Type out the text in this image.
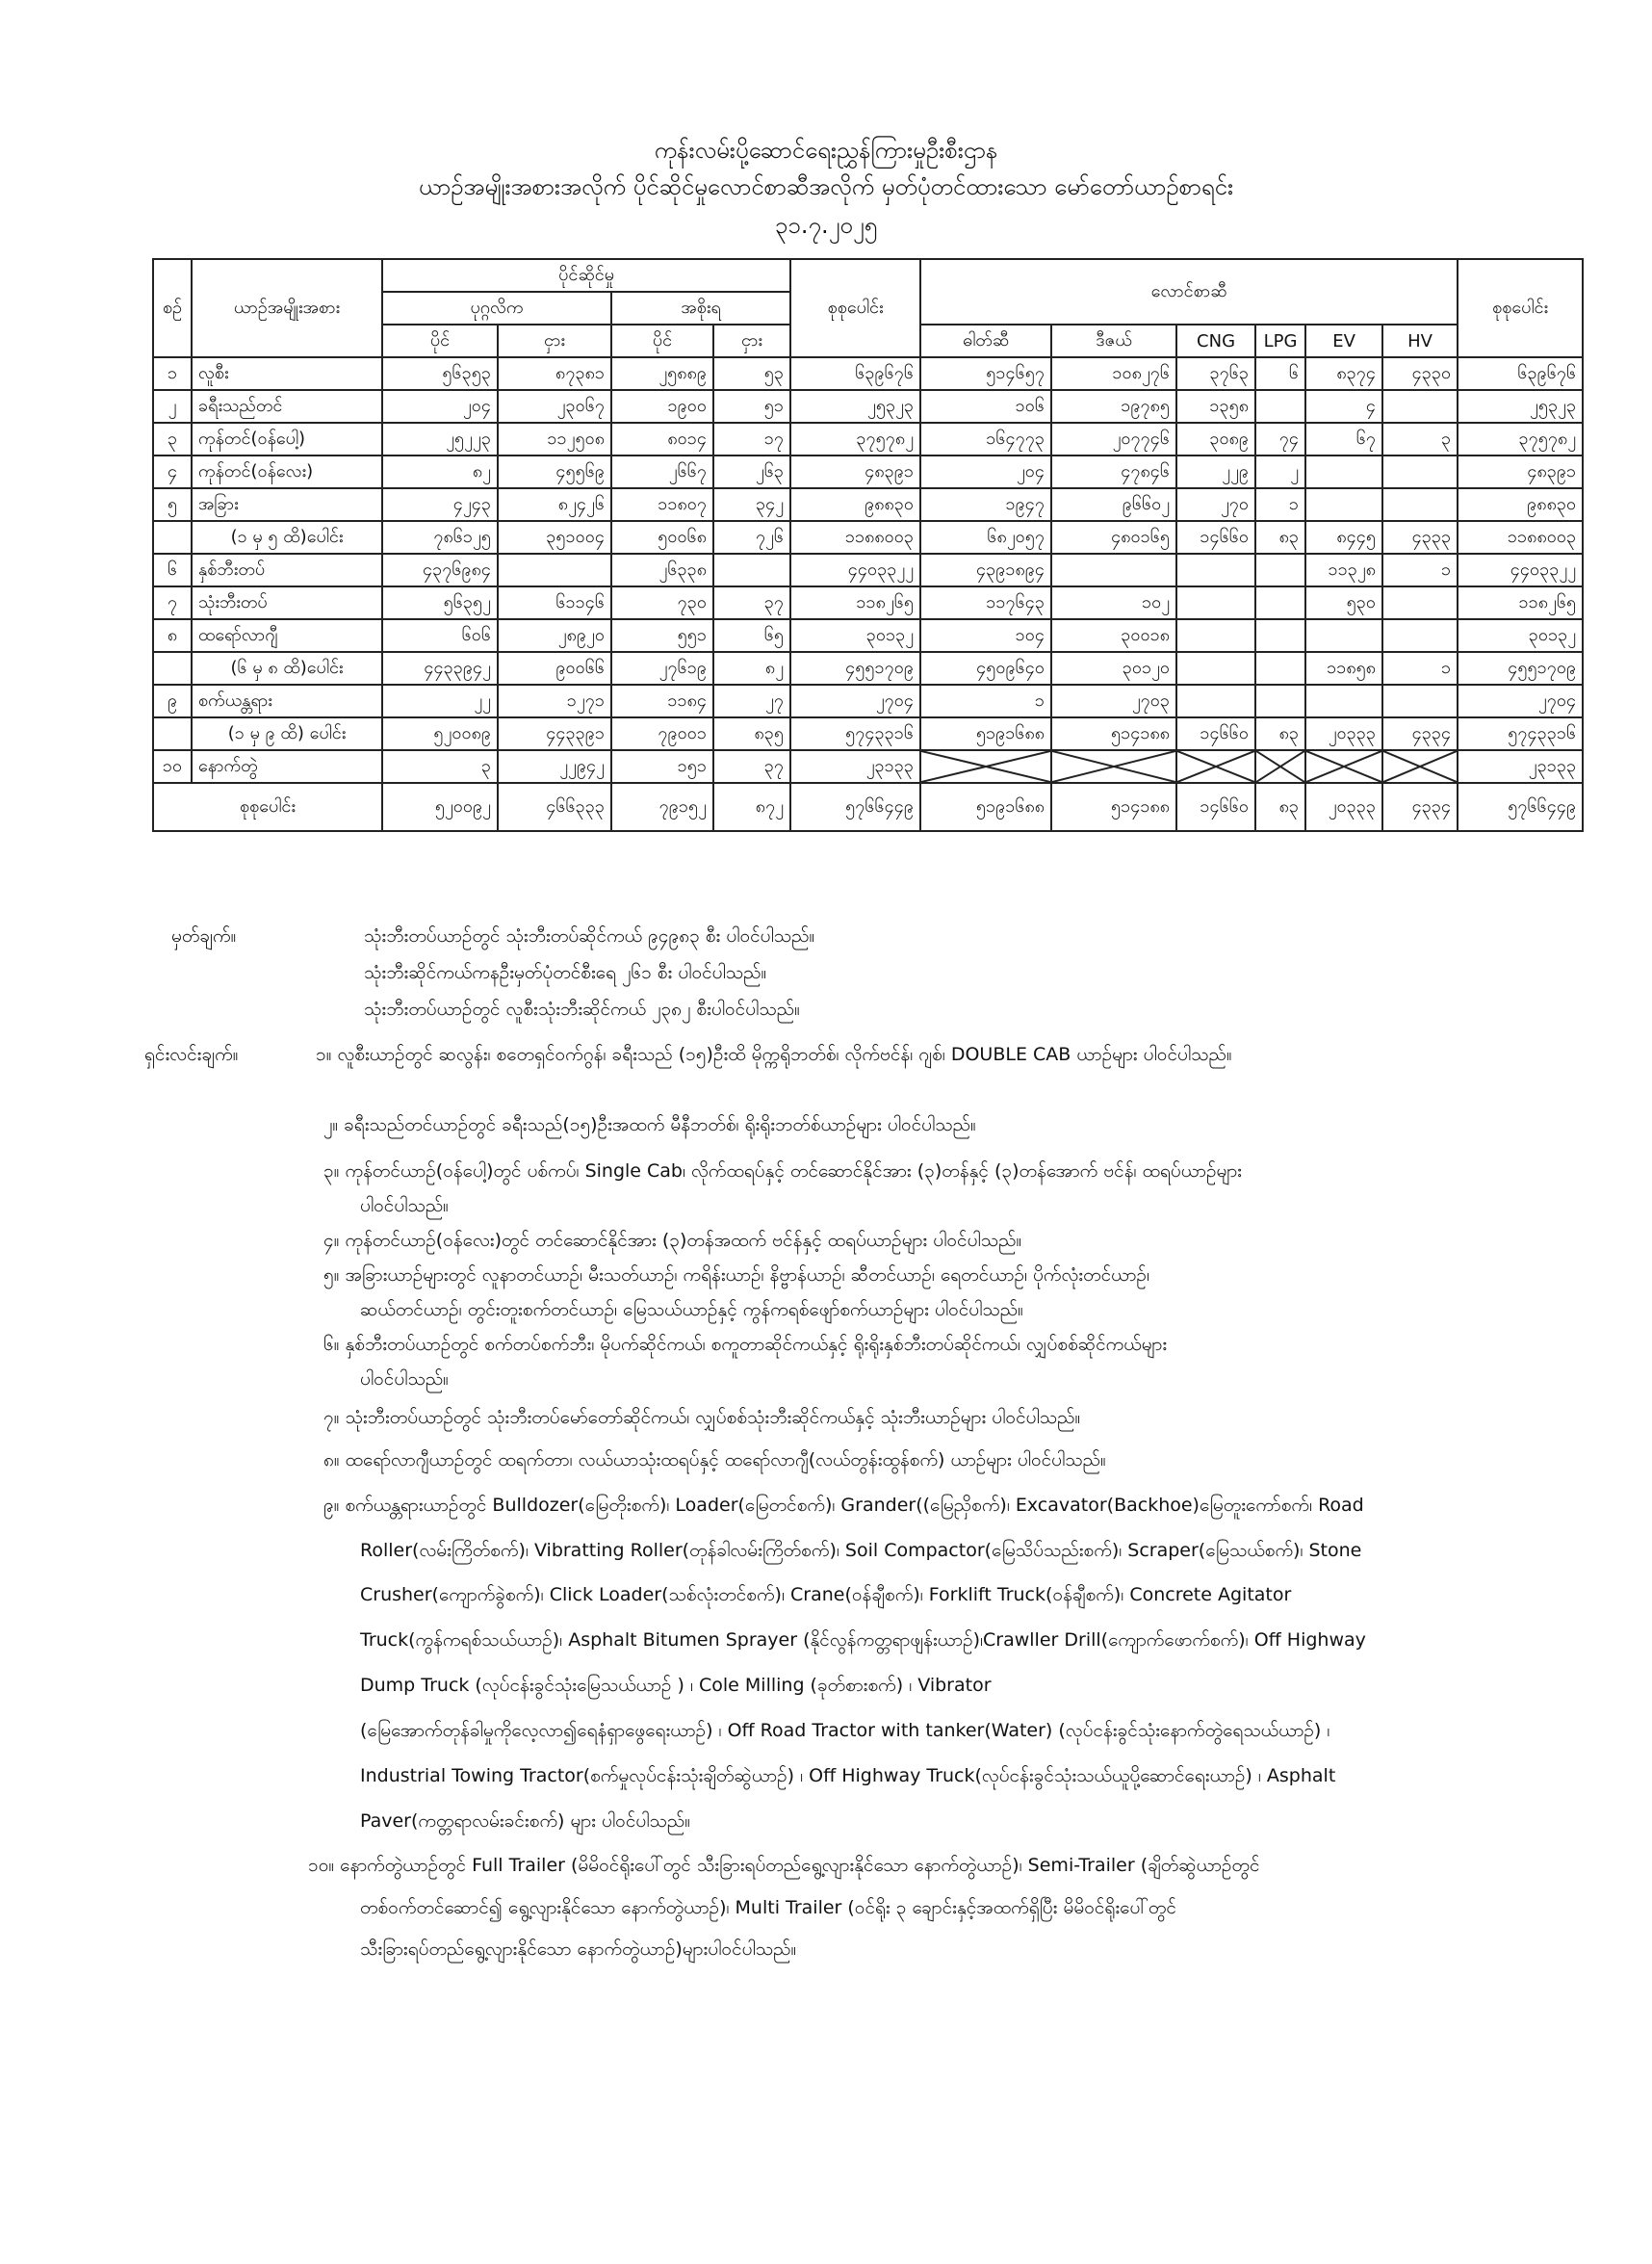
ကုန်းလမ်းပို့ဆောင်ရေးညွှန်ကြားမှုဦးစီးဌာန
ယာဉ်အမျိုးအစားအလိုက် ပိုင်ဆိုင်မှုလောင်စာဆီအလိုက် မှတ်ပုံတင်ထားသော မော်တော်ယာဉ်စာရင်း
၃၁.၇.၂၀၂၅
စဉ်	ယာဉ်အမျိုးအစား	ပိုင်ဆိုင်မှု				စုစုပေါင်း	လောင်စာဆီ						စုစုပေါင်း
		ပုဂ္ဂလိက		အစိုးရ									
		ပိုင်	ငှား	ပိုင်	ငှား		ဓါတ်ဆီ	ဒီဇယ်	CNG	LPG	EV	HV	
၁	လူစီး	၅၆၃၅၃	၈၇၃၈၁	၂၅၈၈၉	၅၃	၆၃၉၆၇၆	၅၁၄၆၅၇	၁၀၈၂၇၆	၃၇၆၃	၆	၈၃၇၄	၄၃၃၀	၆၃၉၆၇၆
၂	ခရီးသည်တင်	၂၀၄	၂၃၀၆၇	၁၉၀၀	၅၁	၂၅၃၂၃	၁၀၆	၁၉၇၈၅	၁၃၅၈		၄		၂၅၃၂၃
၃	ကုန်တင်(ဝန်ပေါ့)	၂၅၂၂၃	၁၁၂၅၀၈	၈၀၁၄	၁၇	၃၇၅၇၈၂	၁၆၄၇၇၃	၂၀၇၇၄၆	၃၀၈၉	၇၄	၆၇	၃	၃၇၅၇၈၂
၄	ကုန်တင်(ဝန်လေး)	၈၂	၄၅၅၆၉	၂၆၆၇	၂၆၃	၄၈၃၉၁	၂၀၄	၄၇၈၄၆	၂၂၉	၂			၄၈၃၉၁
၅	အခြား	၄၂၄၃	၈၂၄၂၆	၁၁၈၀၇	၃၄၂	၉၈၈၃၀	၁၉၄၇	၉၆၆၀၂	၂၇၀	၁			၉၈၈၃၀
	(၁ မှ ၅ ထိ)ပေါင်း	၇၈၆၁၂၅	၃၅၁၀၀၄	၅၀၀၆၈	၇၂၆	၁၁၈၈၀၀၃	၆၈၂၀၅၇	၄၈၀၁၆၅	၁၄၆၆၀	၈၃	၈၄၄၅	၄၃၃၃	၁၁၈၈၀၀၃
၆	နှစ်ဘီးတပ်	၄၃၇၆၉၈၄		၂၆၃၃၈		၄၄၀၃၃၂၂	၄၃၉၁၈၉၄				၁၁၃၂၈	၁	၄၄၀၃၃၂၂
၇	သုံးဘီးတပ်	၅၆၃၅၂	၆၁၁၄၆	၇၃၀	၃၇	၁၁၈၂၆၅	၁၁၇၆၄၃	၁၀၂			၅၃၀		၁၁၈၂၆၅
၈	ထရော်လာဂျီ	၆၀၆	၂၈၉၂၀	၅၅၁	၆၅	၃၀၁၃၂	၁၀၄	၃၀၀၁၈					၃၀၁၃၂
	(၆ မှ ၈ ထိ)ပေါင်း	၄၄၃၃၉၄၂	၉၀၀၆၆	၂၇၆၁၉	၈၂	၄၅၅၁၇၀၉	၄၅၀၉၆၄၀	၃၀၁၂၀			၁၁၈၅၈	၁	၄၅၅၁၇၀၉
၉	စက်ယန္တရား	၂၂	၁၂၇၁	၁၁၈၄	၂၇	၂၇၀၄	၁	၂၇၀၃					၂၇၀၄
	(၁ မှ ၉ ထိ) ပေါင်း	၅၂၀၀၈၉	၄၄၃၃၉၁	၇၉၀၀၁	၈၃၅	၅၇၄၃၃၁၆	၅၁၉၁၆၈၈	၅၁၄၁၈၈	၁၄၆၆၀	၈၃	၂၀၃၃၃	၄၃၃၄	၅၇၄၃၃၁၆
၁၀	နောက်တွဲ	၃	၂၂၉၄၂	၁၅၁	၃၇	၂၃၁၃၃							၂၃၁၃၃
စုစုပေါင်း		၅၂၀၀၉၂	၄၆၆၃၃၃	၇၉၁၅၂	၈၇၂	၅၇၆၆၄၄၉	၅၁၉၁၆၈၈	၅၁၄၁၈၈	၁၄၆၆၀	၈၃	၂၀၃၃၃	၄၃၃၄	၅၇၆၆၄၄၉
မှတ်ချက်။	သုံးဘီးတပ်ယာဉ်တွင် သုံးဘီးတပ်ဆိုင်ကယ် ၉၄၉၈၃ စီး ပါဝင်ပါသည်။
သုံးဘီးဆိုင်ကယ်ကနဦးမှတ်ပုံတင်စီးရေ ၂၆၁ စီး ပါဝင်ပါသည်။
သုံးဘီးတပ်ယာဉ်တွင် လူစီးသုံးဘီးဆိုင်ကယ် ၂၃၈၂ စီးပါဝင်ပါသည်။
ရှင်းလင်းချက်။	၁။ လူစီးယာဉ်တွင် ဆလွန်း၊ စတေရှင်ဝက်ဂွန်၊ ခရီးသည် (၁၅)ဦးထိ မိုက္ကရိုဘတ်စ်၊ လိုက်ဗင်န်၊ ဂျစ်၊ DOUBLE CAB ယာဉ်များ ပါဝင်ပါသည်။
၂။ ခရီးသည်တင်ယာဉ်တွင် ခရီးသည်(၁၅)ဦးအထက် မီနီဘတ်စ်၊ ရိုးရိုးဘတ်စ်ယာဉ်များ ပါဝင်ပါသည်။
၃။ ကုန်တင်ယာဉ်(ဝန်ပေါ့)တွင် ပစ်ကပ်၊ Single Cab၊ လိုက်ထရပ်နှင့် တင်ဆောင်နိုင်အား (၃)တန်နှင့် (၃)တန်အောက် ဗင်န်၊ ထရပ်ယာဉ်များ
ပါဝင်ပါသည်။
၄။ ကုန်တင်ယာဉ်(ဝန်လေး)တွင် တင်ဆောင်နိုင်အား (၃)တန်အထက် ဗင်န်နှင့် ထရပ်ယာဉ်များ ပါဝင်ပါသည်။
၅။ အခြားယာဉ်များတွင် လူနာတင်ယာဉ်၊ မီးသတ်ယာဉ်၊ ကရိန်းယာဉ်၊ နိဗ္ဗာန်ယာဉ်၊ ဆီတင်ယာဉ်၊ ရေတင်ယာဉ်၊ ပိုက်လုံးတင်ယာဉ်၊
ဆယ်တင်ယာဉ်၊ တွင်းတူးစက်တင်ယာဉ်၊ မြေသယ်ယာဉ်နှင့် ကွန်ကရစ်ဖျော်စက်ယာဉ်များ ပါဝင်ပါသည်။
၆။ နှစ်ဘီးတပ်ယာဉ်တွင် စက်တပ်စက်ဘီး၊ မိုပက်ဆိုင်ကယ်၊ စကူတာဆိုင်ကယ်နှင့် ရိုးရိုးနှစ်ဘီးတပ်ဆိုင်ကယ်၊ လျှပ်စစ်ဆိုင်ကယ်များ
ပါဝင်ပါသည်။
၇။ သုံးဘီးတပ်ယာဉ်တွင် သုံးဘီးတပ်မော်တော်ဆိုင်ကယ်၊ လျှပ်စစ်သုံးဘီးဆိုင်ကယ်နှင့် သုံးဘီးယာဉ်များ ပါဝင်ပါသည်။
၈။ ထရော်လာဂျီယာဉ်တွင် ထရက်တာ၊ လယ်ယာသုံးထရပ်နှင့် ထရော်လာဂျီ(လယ်တွန်းထွန်စက်) ယာဉ်များ ပါဝင်ပါသည်။
၉။ စက်ယန္တရားယာဉ်တွင် Bulldozer(မြေတိုးစက်)၊ Loader(မြေတင်စက်)၊ Grander((မြေညှိစက်)၊ Excavator(Backhoe)မြေတူးကော်စက်၊ Road
Roller(လမ်းကြိတ်စက်)၊ Vibratting Roller(တုန်ခါလမ်းကြိတ်စက်)၊ Soil Compactor(မြေသိပ်သည်းစက်)၊ Scraper(မြေသယ်စက်)၊ Stone
Crusher(ကျောက်ခွဲစက်)၊ Click Loader(သစ်လုံးတင်စက်)၊ Crane(ဝန်ချီစက်)၊ Forklift Truck(ဝန်ချီစက်)၊ Concrete Agitator
Truck(ကွန်ကရစ်သယ်ယာဉ်)၊ Asphalt Bitumen Sprayer (နိုင်လွန်ကတ္တရာဖျန်းယာဉ်)၊Crawller Drill(ကျောက်ဖောက်စက်)၊ Off Highway
Dump Truck (လုပ်ငန်းခွင်သုံးမြေသယ်ယာဉ် ) ၊ Cole Milling (ခုတ်စားစက်) ၊ Vibrator
(မြေအောက်တုန်ခါမှုကိုလေ့လာ၍ရေနံရှာဖွေရေးယာဉ်) ၊ Off Road Tractor with tanker(Water) (လုပ်ငန်းခွင်သုံးနောက်တွဲရေသယ်ယာဉ်) ၊
Industrial Towing Tractor(စက်မှုလုပ်ငန်းသုံးချိတ်ဆွဲယာဉ်) ၊ Off Highway Truck(လုပ်ငန်းခွင်သုံးသယ်ယူပို့ဆောင်ရေးယာဉ်) ၊ Asphalt
Paver(ကတ္တရာလမ်းခင်းစက်) များ ပါဝင်ပါသည်။
၁၀။ နောက်တွဲယာဉ်တွင် Full Trailer (မိမိဝင်ရိုးပေါ်တွင် သီးခြားရပ်တည်ရွေ့လျားနိုင်သော နောက်တွဲယာဉ်)၊ Semi-Trailer (ချိတ်ဆွဲယာဉ်တွင်
တစ်ဝက်တင်ဆောင်၍ ရွေ့လျားနိုင်သော နောက်တွဲယာဉ်)၊ Multi Trailer (ဝင်ရိုး ၃ ချောင်းနှင့်အထက်ရှိပြီး မိမိဝင်ရိုးပေါ်တွင်
သီးခြားရပ်တည်ရွေ့လျားနိုင်သော နောက်တွဲယာဉ်)များပါဝင်ပါသည်။
